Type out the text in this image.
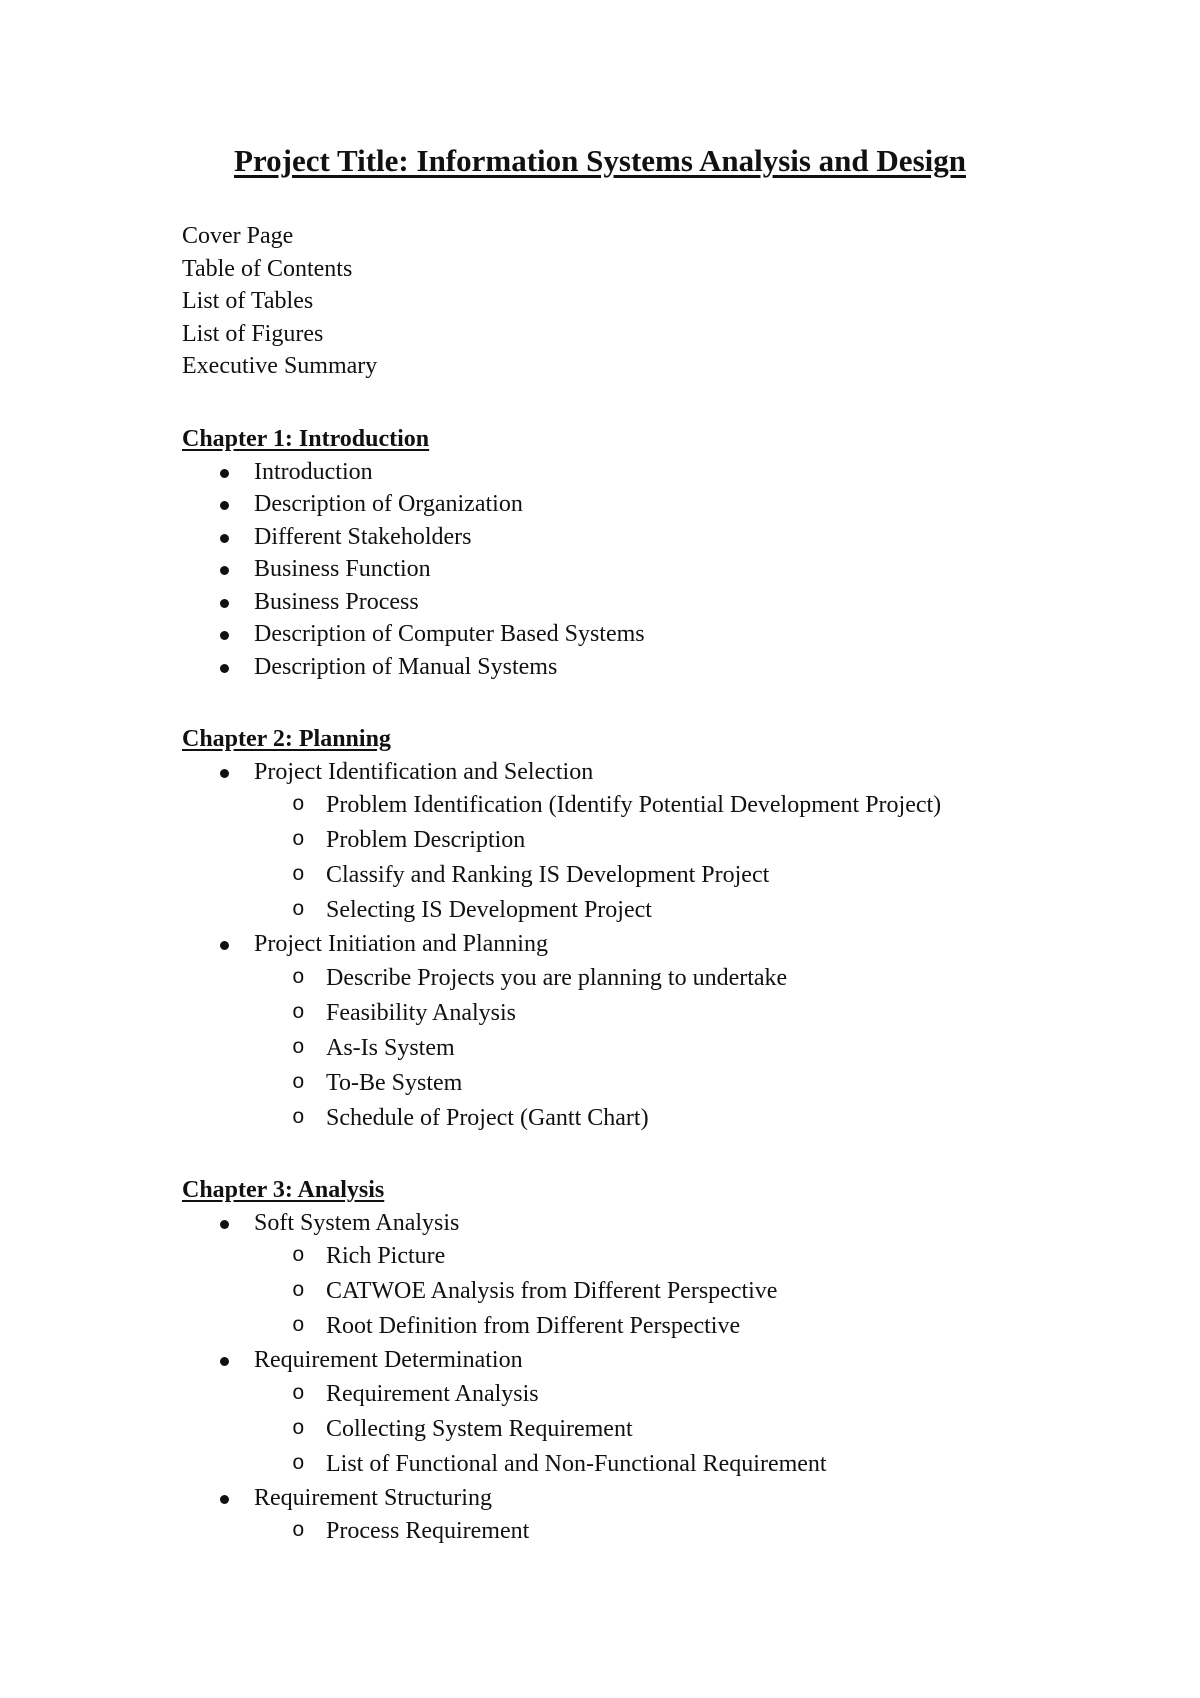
Project Title: Information Systems Analysis and Design
Cover Page
Table of Contents
List of Tables
List of Figures
Executive Summary
Chapter 1: Introduction
Introduction
Description of Organization
Different Stakeholders
Business Function
Business Process
Description of Computer Based Systems
Description of Manual Systems
Chapter 2: Planning
Project Identification and Selection
o Problem Identification (Identify Potential Development Project)
o Problem Description
o Classify and Ranking IS Development Project
o Selecting IS Development Project
Project Initiation and Planning
o Describe Projects you are planning to undertake
o Feasibility Analysis
o As-Is System
o To-Be System
o Schedule of Project (Gantt Chart)
Chapter 3: Analysis
Soft System Analysis
o Rich Picture
o CATWOE Analysis from Different Perspective
o Root Definition from Different Perspective
Requirement Determination
o Requirement Analysis
o Collecting System Requirement
o List of Functional and Non-Functional Requirement
Requirement Structuring
o Process Requirement
